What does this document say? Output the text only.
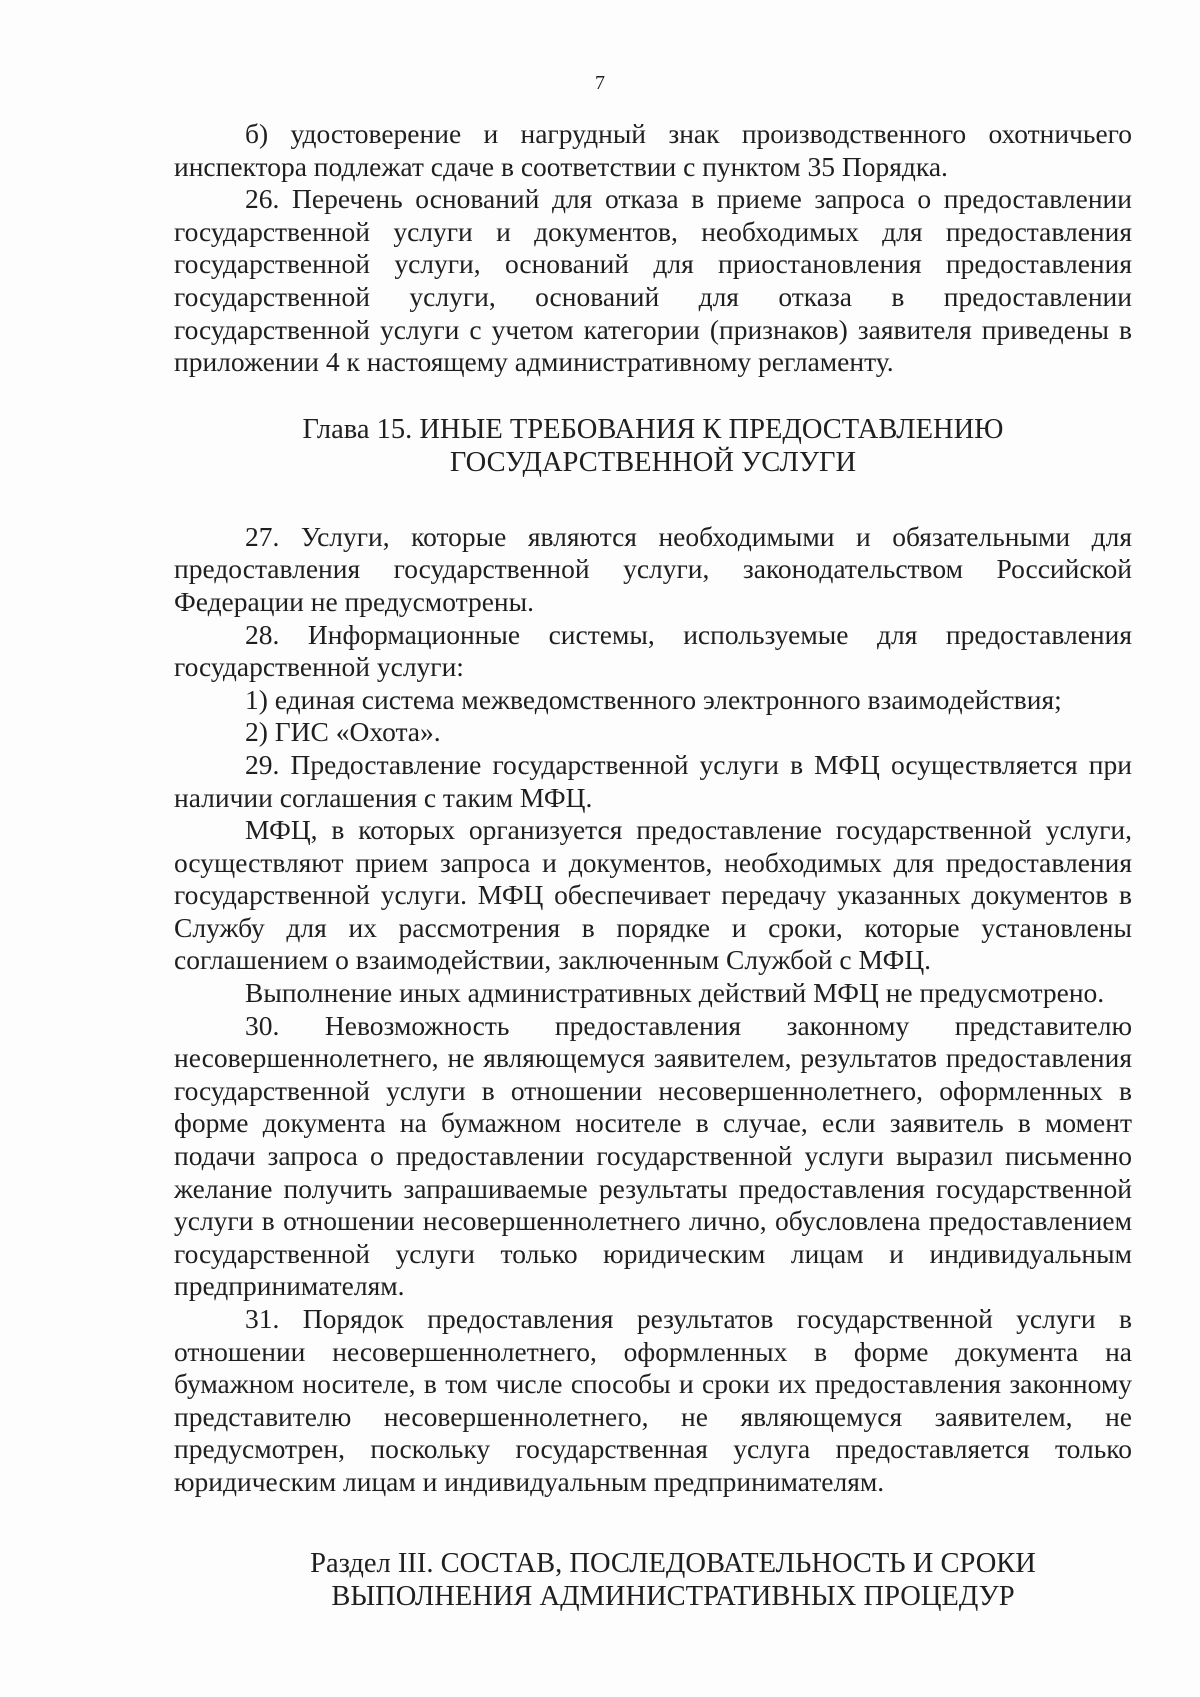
7

б) удостоверение и нагрудный знак производственного охотничьего инспектора подлежат сдаче в соответствии с пунктом 35 Порядка.

26. Перечень оснований для отказа в приеме запроса о предоставлении государственной услуги и документов, необходимых для предоставления государственной услуги, оснований для приостановления предоставления государственной услуги, оснований для отказа в предоставлении государственной услуги с учетом категории (признаков) заявителя приведены в приложении 4 к настоящему административному регламенту.

Глава 15. ИНЫЕ ТРЕБОВАНИЯ К ПРЕДОСТАВЛЕНИЮ
ГОСУДАРСТВЕННОЙ УСЛУГИ

27. Услуги, которые являются необходимыми и обязательными для предоставления государственной услуги, законодательством Российской Федерации не предусмотрены.

28. Информационные системы, используемые для предоставления государственной услуги:

1) единая система межведомственного электронного взаимодействия;

2) ГИС «Охота».

29. Предоставление государственной услуги в МФЦ осуществляется при наличии соглашения с таким МФЦ.

МФЦ, в которых организуется предоставление государственной услуги, осуществляют прием запроса и документов, необходимых для предоставления государственной услуги. МФЦ обеспечивает передачу указанных документов в Службу для их рассмотрения в порядке и сроки, которые установлены соглашением о взаимодействии, заключенным Службой с МФЦ.

Выполнение иных административных действий МФЦ не предусмотрено.

30. Невозможность предоставления законному представителю несовершеннолетнего, не являющемуся заявителем, результатов предоставления государственной услуги в отношении несовершеннолетнего, оформленных в форме документа на бумажном носителе в случае, если заявитель в момент подачи запроса о предоставлении государственной услуги выразил письменно желание получить запрашиваемые результаты предоставления государственной услуги в отношении несовершеннолетнего лично, обусловлена предоставлением государственной услуги только юридическим лицам и индивидуальным предпринимателям.

31. Порядок предоставления результатов государственной услуги в отношении несовершеннолетнего, оформленных в форме документа на бумажном носителе, в том числе способы и сроки их предоставления законному представителю несовершеннолетнего, не являющемуся заявителем, не предусмотрен, поскольку государственная услуга предоставляется только юридическим лицам и индивидуальным предпринимателям.

Раздел III. СОСТАВ, ПОСЛЕДОВАТЕЛЬНОСТЬ И СРОКИ
ВЫПОЛНЕНИЯ АДМИНИСТРАТИВНЫХ ПРОЦЕДУР
